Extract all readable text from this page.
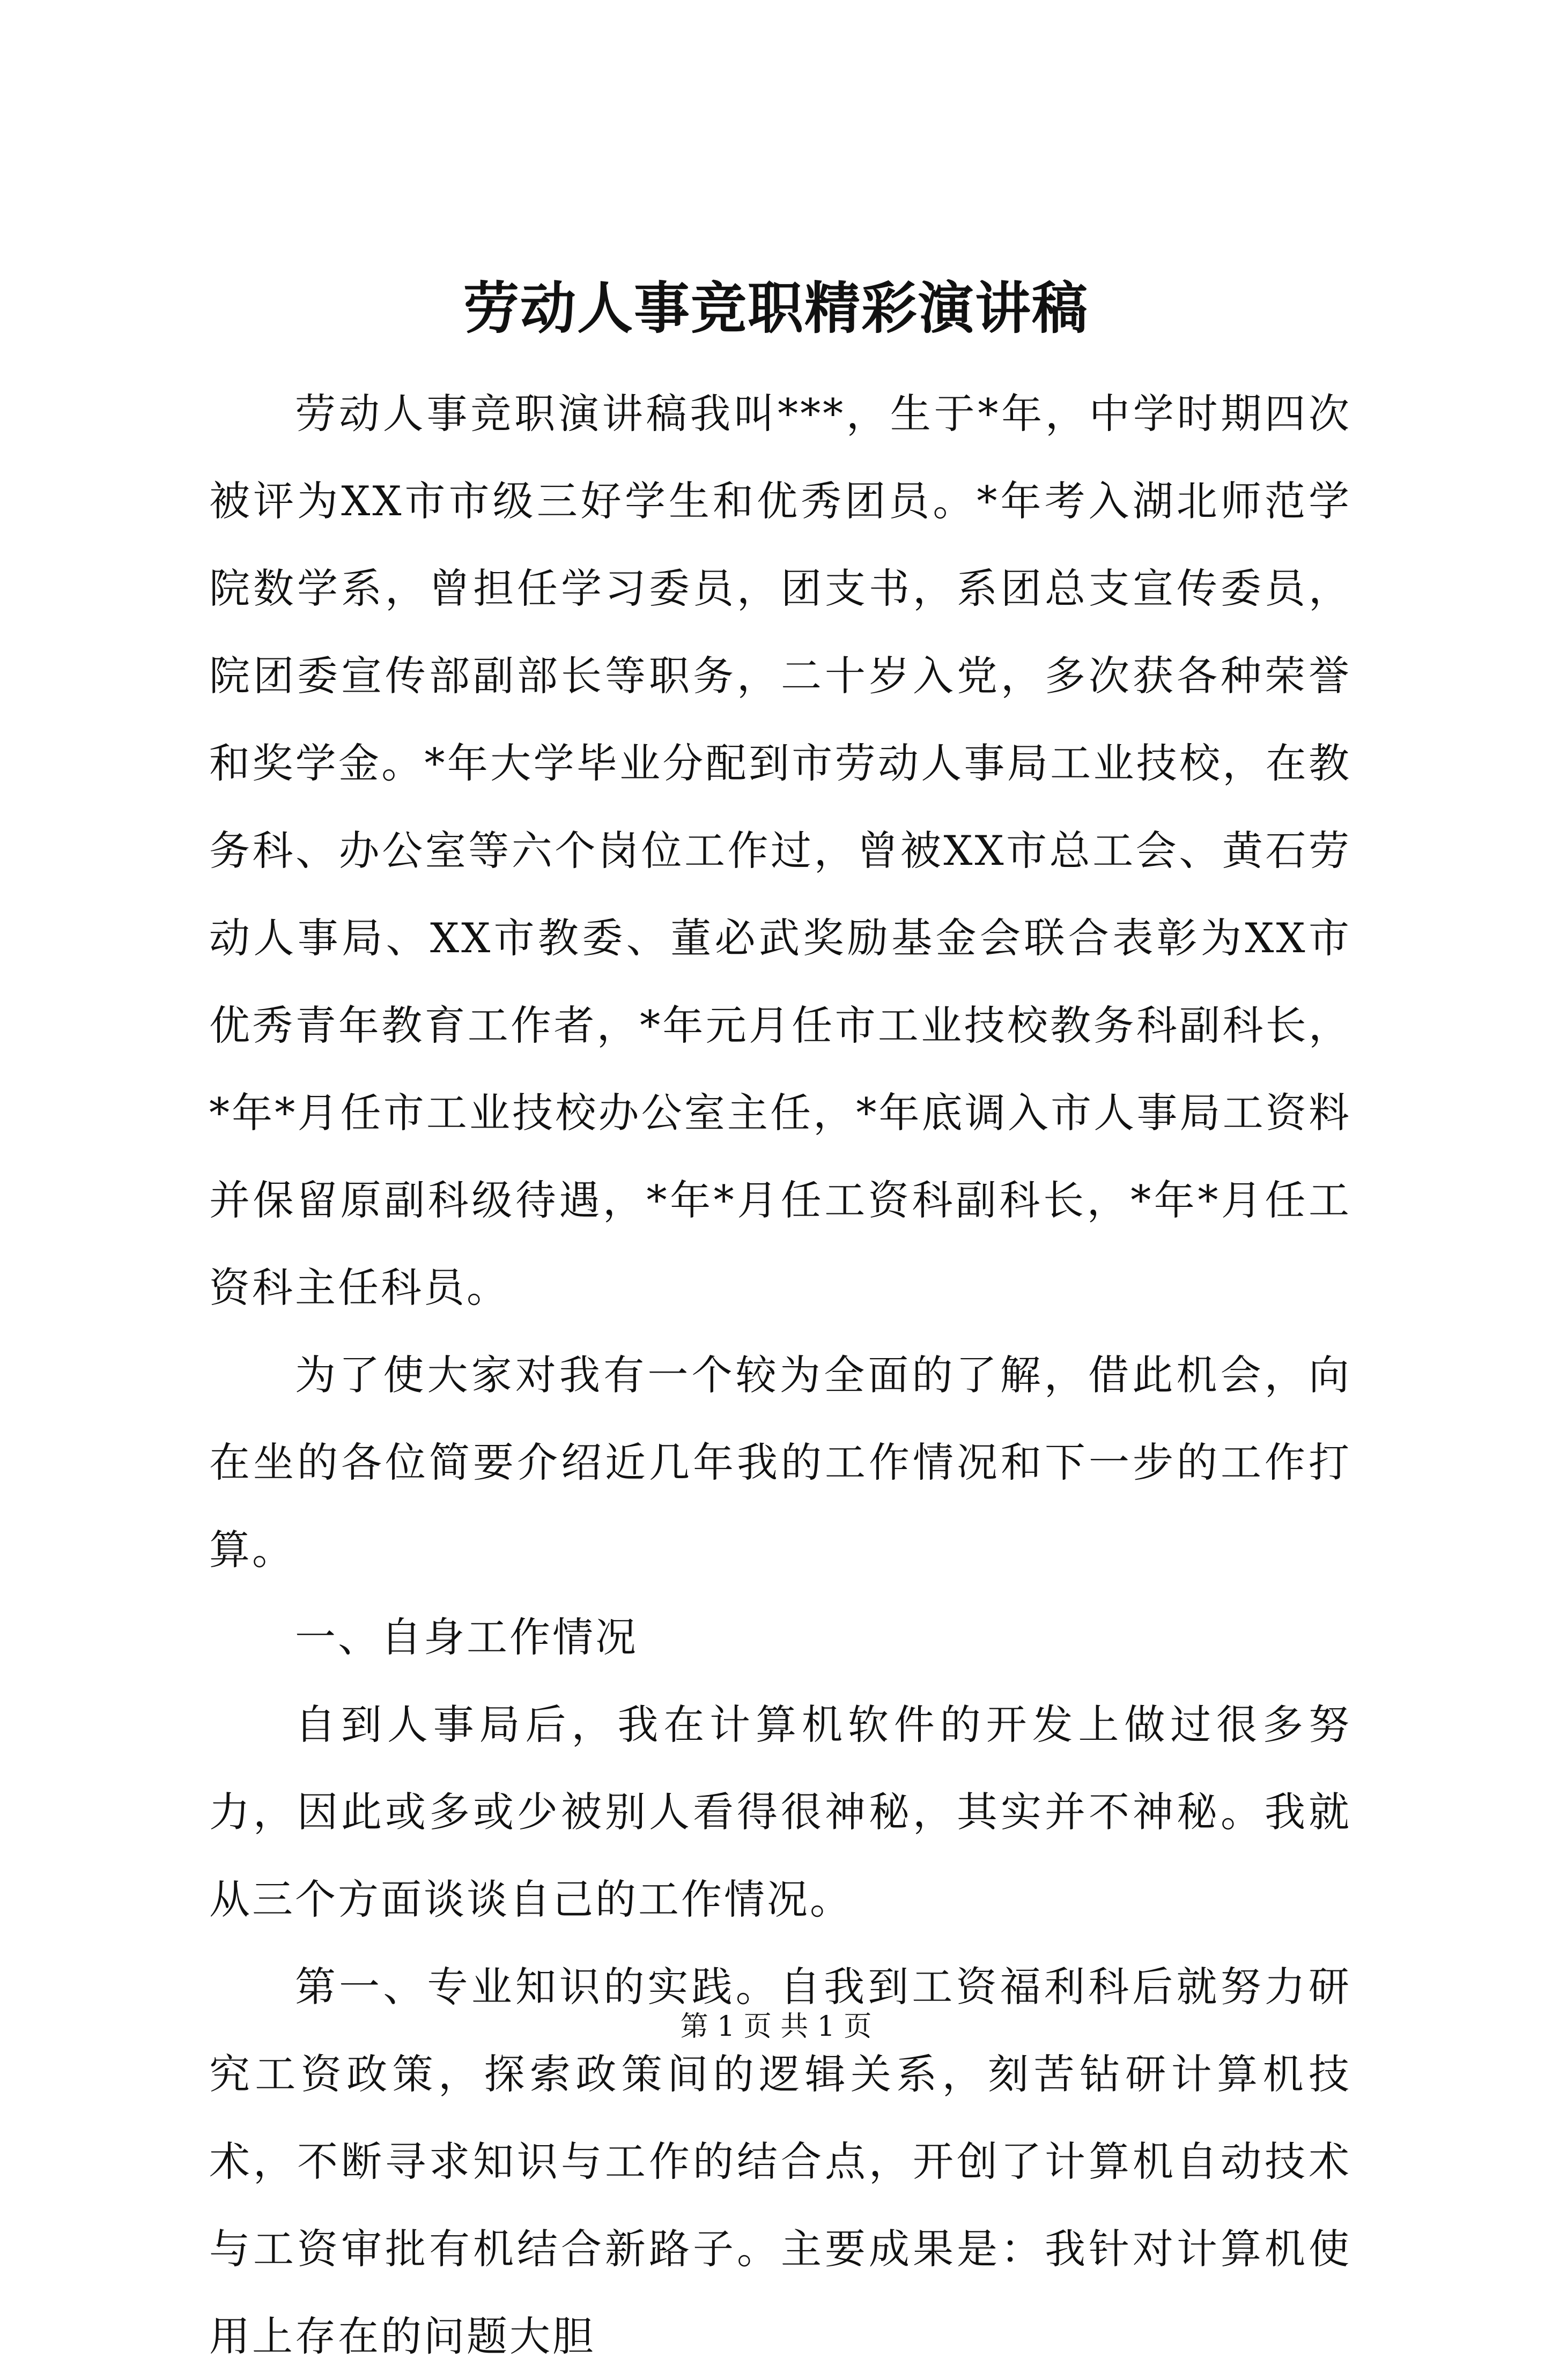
劳动人事竞职精彩演讲稿

劳动人事竞职演讲稿我叫***，生于*年，中学时期四次被评为XX市市级三好学生和优秀团员。*年考入湖北师范学院数学系，曾担任学习委员，团支书，系团总支宣传委员，院团委宣传部副部长等职务，二十岁入党，多次获各种荣誉和奖学金。*年大学毕业分配到市劳动人事局工业技校，在教务科、办公室等六个岗位工作过，曾被XX市总工会、黄石劳动人事局、XX市教委、董必武奖励基金会联合表彰为XX市优秀青年教育工作者，*年元月任市工业技校教务科副科长，*年*月任市工业技校办公室主任，*年底调入市人事局工资料并保留原副科级待遇，*年*月任工资科副科长，*年*月任工资科主任科员。

为了使大家对我有一个较为全面的了解，借此机会，向在坐的各位简要介绍近几年我的工作情况和下一步的工作打算。

一、自身工作情况

自到人事局后，我在计算机软件的开发上做过很多努力，因此或多或少被别人看得很神秘，其实并不神秘。我就从三个方面谈谈自己的工作情况。

第一、专业知识的实践。自我到工资福利科后就努力研究工资政策，探索政策间的逻辑关系，刻苦钻研计算机技术，不断寻求知识与工作的结合点，开创了计算机自动技术与工资审批有机结合新路子。主要成果是：我针对计算机使用上存在的问题大胆

第 1 页 共 1 页
